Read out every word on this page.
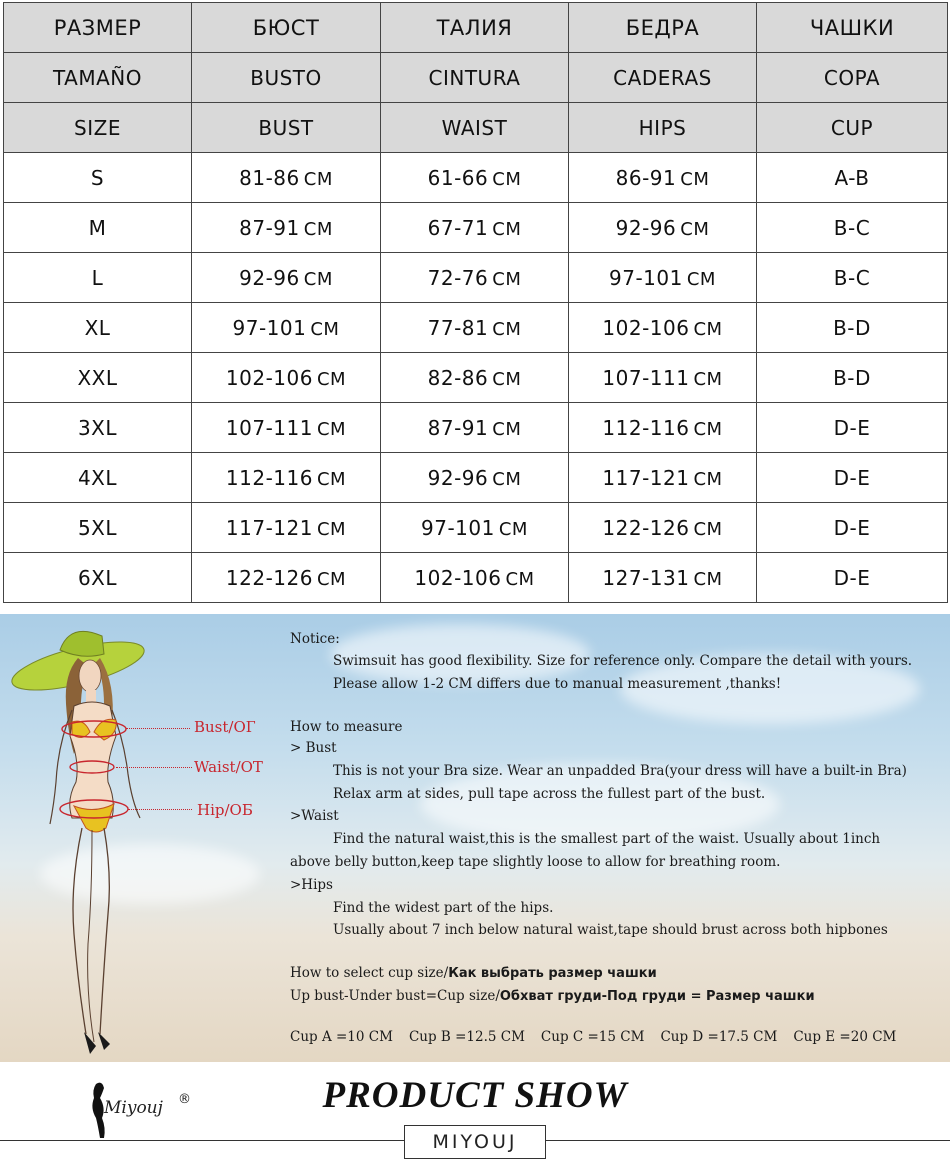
РАЗМЕР	БЮСТ	ТАЛИЯ	БЕДРА	ЧАШКИ
TAMAÑO	BUSTO	CINTURA	CADERAS	COPA
SIZE	BUST	WAIST	HIPS	CUP
S	81-86 CM	61-66 CM	86-91 CM	A-B
M	87-91 CM	67-71 CM	92-96 CM	B-C
L	92-96 CM	72-76 CM	97-101 CM	B-C
XL	97-101 CM	77-81 CM	102-106 CM	B-D
XXL	102-106 CM	82-86 CM	107-111 CM	B-D
3XL	107-111 CM	87-91 CM	112-116 CM	D-E
4XL	112-116 CM	92-96 CM	117-121 CM	D-E
5XL	117-121 CM	97-101 CM	122-126 CM	D-E
6XL	122-126 CM	102-106 CM	127-131 CM	D-E
Bust/OГ
Waist/OT
Hip/OБ
Notice:
Swimsuit has good flexibility. Size for reference only. Compare the detail with yours.
Please allow 1-2 CM differs due to manual measurement ,thanks!
How to measure
> Bust
This is not your Bra size. Wear an unpadded Bra(your dress will have a built-in Bra)
Relax arm at sides, pull tape across the fullest part of the bust.
>Waist
Find the natural waist,this is the smallest part of the waist. Usually about 1inch
above belly button,keep tape slightly loose to allow for breathing room.
>Hips
Find the widest part of the hips.
Usually about 7 inch below natural waist,tape should brust across both hipbones
How to select cup size/Как выбрать размер чашки
Up bust-Under bust=Cup size/Обхват груди-Под груди = Размер чашки
Cup A =10 CM Cup B =12.5 CM Cup C =15 CM Cup D =17.5 CM Cup E =20 CM
Miyouj ®	PRODUCT SHOW
MIYOUJ
